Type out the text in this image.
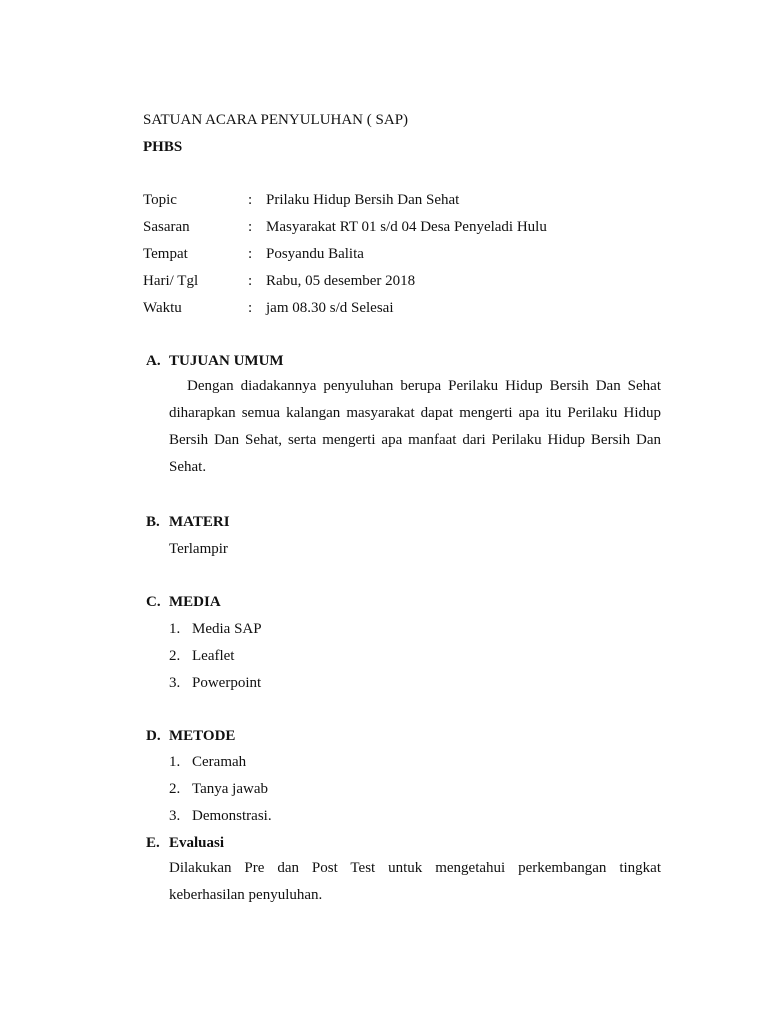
SATUAN ACARA PENYULUHAN ( SAP)
PHBS
Topic	: Prilaku Hidup Bersih Dan Sehat
Sasaran	: Masyarakat RT 01 s/d 04 Desa Penyeladi Hulu
Tempat	: Posyandu Balita
Hari/ Tgl	: Rabu, 05 desember 2018
Waktu	: jam 08.30 s/d Selesai
A. TUJUAN UMUM
Dengan diadakannya penyuluhan berupa Perilaku Hidup Bersih Dan Sehat diharapkan semua kalangan masyarakat dapat mengerti apa itu Perilaku Hidup Bersih Dan Sehat, serta mengerti apa manfaat dari Perilaku Hidup Bersih Dan Sehat.
B. MATERI
Terlampir
C. MEDIA
1. Media SAP
2. Leaflet
3. Powerpoint
D. METODE
1. Ceramah
2. Tanya jawab
3. Demonstrasi.
E. Evaluasi
Dilakukan Pre dan Post Test untuk mengetahui perkembangan tingkat keberhasilan penyuluhan.
